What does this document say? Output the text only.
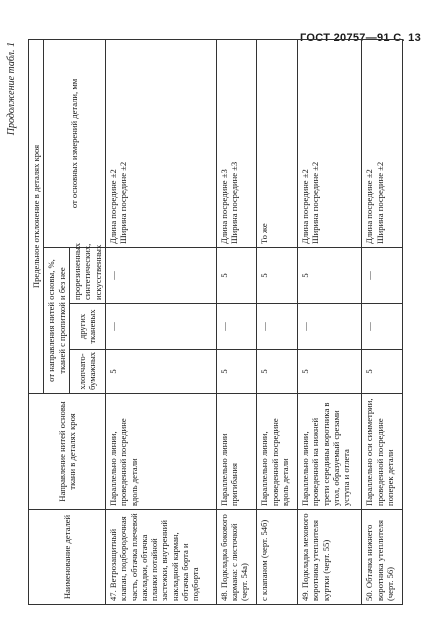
ГОСТ 20757—91 С. 13
Продолжение табл. 1
Наименование деталей	Направление нитей основы ткани в деталях кроя	Предельное отклонение в деталях кроя			
		от направления нитей основы, %, тканей с пропиткой и без нее			от основных измерений детали, мм
		хлопчато-бумажных	других тканевых	прорезиненных синтетических, искусственных	
47. Ветрозащитный клапан, подбородочная часть, обтачка плечевой накладки, обтачка планки потайной застежки, внутренний накладной карман, обтачка борта и подборта	Параллельно линии, проведенной посредине вдоль детали	5	—	—	Длина посредине ±2
Ширина посредине ±2
48. Подкладка бокового кармана: с листочкой (черт. 54а)	Параллельно линии пригибания	5	—	5	Длина посредине ±3
Ширина посредине ±3
с клапаном (черт. 54б)	Параллельно линии, проведенной посредине вдоль детали	5	—	5	То же
49. Подкладка мехового воротника утеплителя куртки (черт. 55)	Параллельно линии, проведенной на нижней трети середины воротника в угол, образуемый срезами уступа и отлета	5	—	5	Длина посредине ±2
Ширина посредине ±2
50. Обтачка нижнего воротника утеплителя (черт. 56)	Параллельно оси симметрии, проведенной посредине поперек детали	5	—	—	Длина посредине ±2
Ширина посредине ±2
